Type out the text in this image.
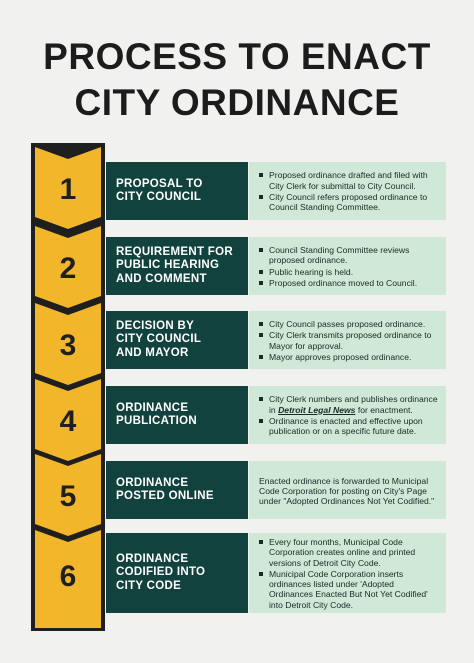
PROCESS TO ENACT
CITY ORDINANCE
1	PROPOSAL TO
CITY COUNCIL
Proposed ordinance drafted and filed with City Clerk for submittal to City Council.
City Council refers proposed ordinance to Council Standing Committee.
2
REQUIREMENT FOR
PUBLIC HEARING
AND COMMENT
Council Standing Committee reviews proposed ordinance.
Public hearing is held.
Proposed ordinance moved to Council.
3
DECISION BY
CITY COUNCIL
AND MAYOR
City Council passes proposed ordinance.
City Clerk transmits proposed ordinance to Mayor for approval.
Mayor approves proposed ordinance.
4	ORDINANCE
PUBLICATION
City Clerk numbers and publishes ordinance in Detroit Legal News for enactment.
Ordinance is enacted and effective upon publication or on a specific future date.
5	ORDINANCE
POSTED ONLINE
Enacted ordinance is forwarded to Municipal Code Corporation for posting on City's Page under "Adopted Ordinances Not Yet Codified."
6
ORDINANCE
CODIFIED INTO
CITY CODE
Every four months, Municipal Code Corporation creates online and printed versions of Detroit City Code.
Municipal Code Corporation inserts ordinances listed under 'Adopted Ordinances Enacted But Not Yet Codified' into Detroit City Code.
